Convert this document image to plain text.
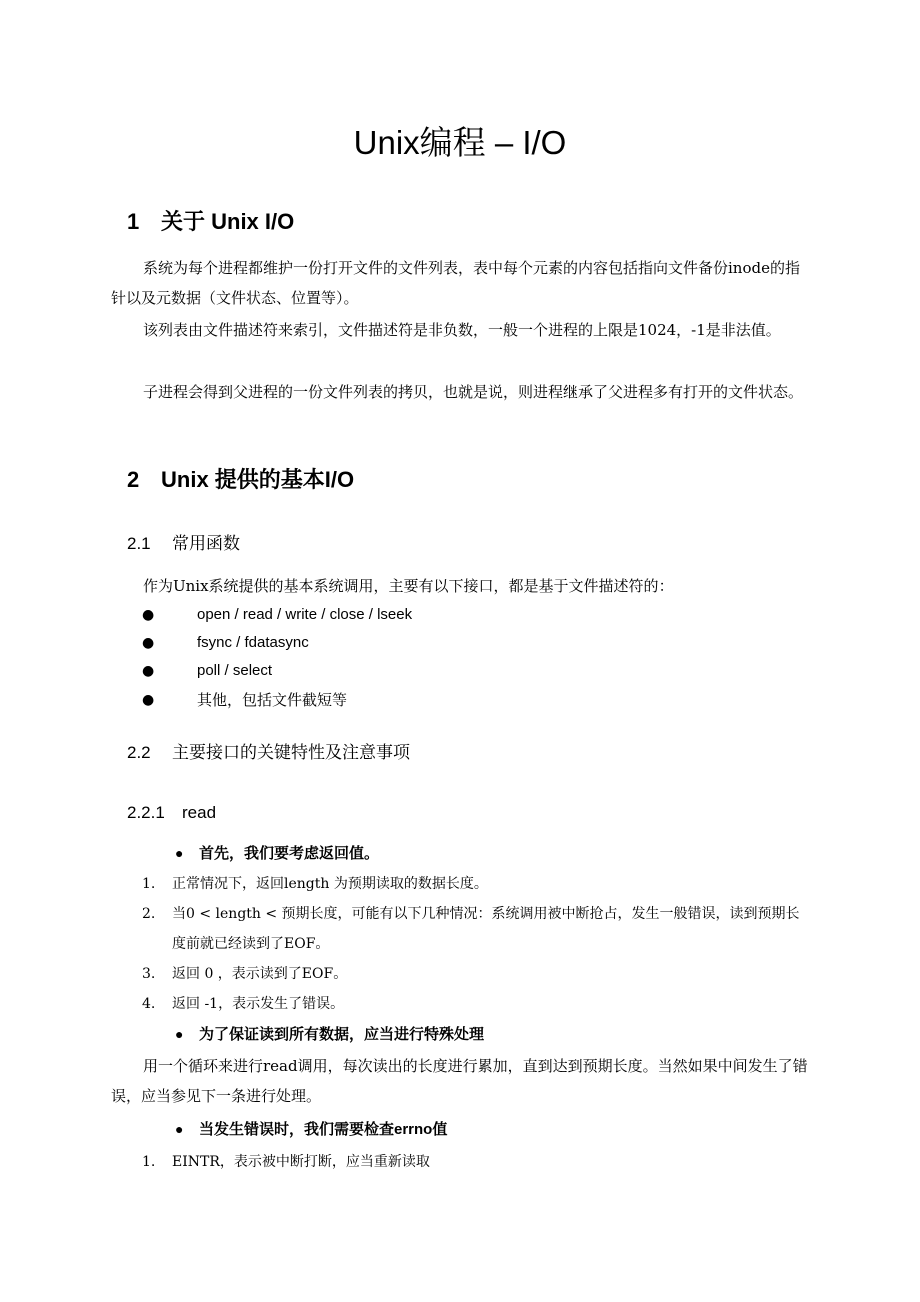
Unix编程 – I/O
1 关于 Unix I/O
系统为每个进程都维护一份打开文件的文件列表，表中每个元素的内容包括指向文件备份inode的指针以及元数据（文件状态、位置等）。
该列表由文件描述符来索引，文件描述符是非负数，一般一个进程的上限是1024，-1是非法值。
子进程会得到父进程的一份文件列表的拷贝，也就是说，则进程继承了父进程多有打开的文件状态。
2 Unix 提供的基本I/O
2.1 常用函数
作为Unix系统提供的基本系统调用，主要有以下接口，都是基于文件描述符的：
●	open / read / write / close / lseek
●	fsync / fdatasync
●	poll / select
●	其他，包括文件截短等
2.2 主要接口的关键特性及注意事项
2.2.1 read
● 首先，我们要考虑返回值。
1. 正常情况下，返回length 为预期读取的数据长度。
2. 当0 < length < 预期长度，可能有以下几种情况：系统调用被中断抢占，发生一般错误，读到预期长度前就已经读到了EOF。
3. 返回 0 ，表示读到了EOF。
4. 返回 -1，表示发生了错误。
● 为了保证读到所有数据，应当进行特殊处理
用一个循环来进行read调用，每次读出的长度进行累加，直到达到预期长度。当然如果中间发生了错误，应当参见下一条进行处理。
● 当发生错误时，我们需要检查errno值
1. EINTR，表示被中断打断，应当重新读取
